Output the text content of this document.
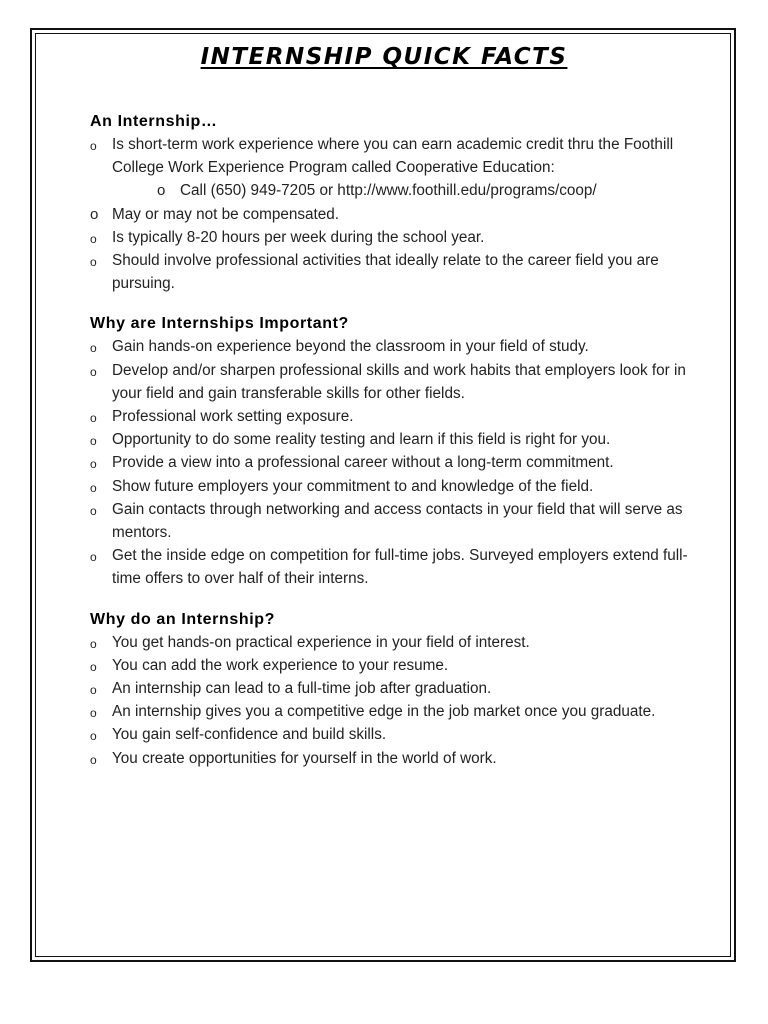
INTERNSHIP QUICK FACTS
An Internship…
o	Is short-term work experience where you can earn academic credit thru the Foothill College Work Experience Program called Cooperative Education:
o Call (650) 949-7205 or http://www.foothill.edu/programs/coop/
o May or may not be compensated.
o	Is typically 8-20 hours per week during the school year.
o	Should involve professional activities that ideally relate to the career field you are pursuing.
Why are Internships Important?
o	Gain hands-on experience beyond the classroom in your field of study.
o	Develop and/or sharpen professional skills and work habits that employers look for in your field and gain transferable skills for other fields.
o	Professional work setting exposure.
o	Opportunity to do some reality testing and learn if this field is right for you.
o	Provide a view into a professional career without a long-term commitment.
o	Show future employers your commitment to and knowledge of the field.
o	Gain contacts through networking and access contacts in your field that will serve as mentors.
o	Get the inside edge on competition for full-time jobs. Surveyed employers extend full-time offers to over half of their interns.
Why do an Internship?
o	You get hands-on practical experience in your field of interest.
o	You can add the work experience to your resume.
o	An internship can lead to a full-time job after graduation.
o	An internship gives you a competitive edge in the job market once you graduate.
o	You gain self-confidence and build skills.
o	You create opportunities for yourself in the world of work.
